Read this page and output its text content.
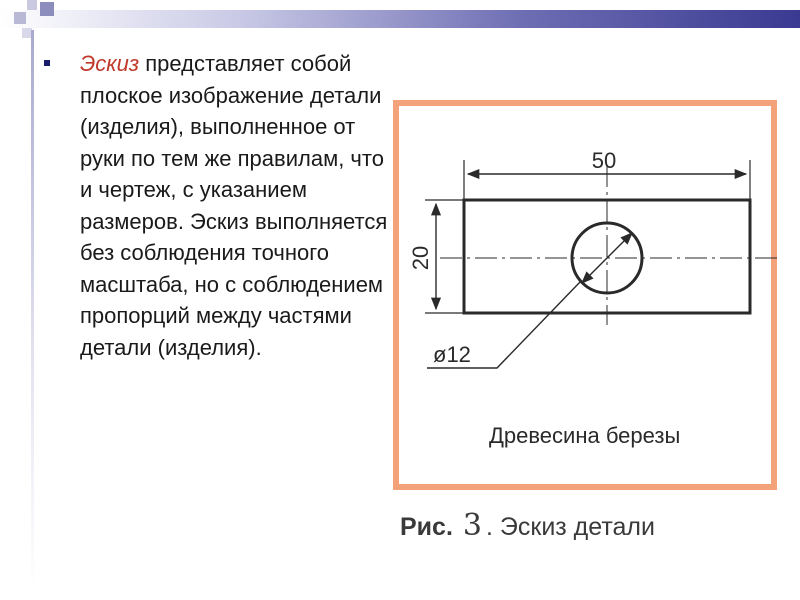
Эскиз представляет собой плоское изображение детали (изделия), выполненное от руки по тем же правилам, что и чертеж, с указанием размеров. Эскиз выполняется без соблюдения точного масштаба, но с соблюдением пропорций между частями детали (изделия).

50
20
ø12
Древесина березы
Рис. 3 . Эскиз детали
